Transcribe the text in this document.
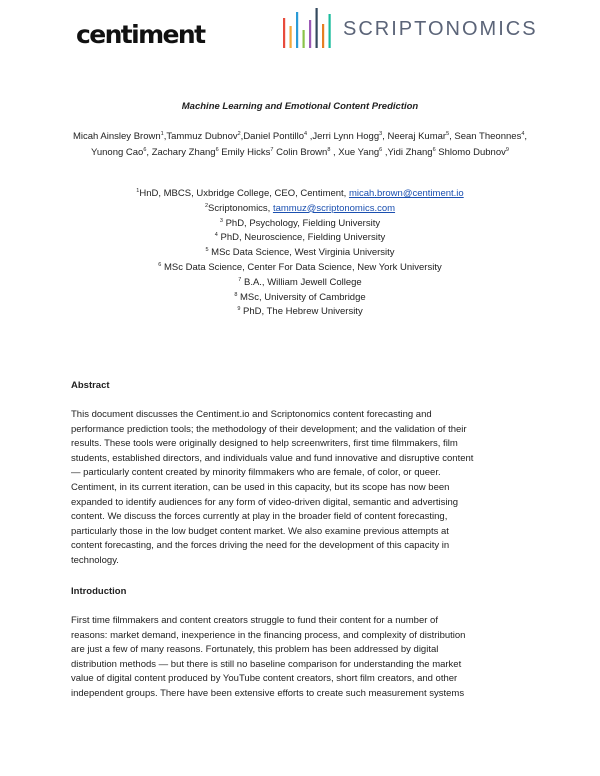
centiment	SCRIPTONOMICS
Machine Learning and Emotional Content Prediction
Micah Ainsley Brown$^1$,Tammuz Dubnov$^2$,Daniel Pontillo$^4$ ,Jerri Lynn Hogg$^3$, Neeraj Kumar$^5$, Sean Theonnes$^4$, Yunong Cao$^6$, Zachary Zhang$^6$ Emily Hicks$^7$ Colin Brown$^8$ , Xue Yang$^6$ ,Yidi Zhang$^6$ Shlomo Dubnov$^9$
$^1$HnD, MBCS, Uxbridge College, CEO, Centiment, micah.brown@centiment.io
$^2$Scriptonomics, tammuz@scriptonomics.com
$^3$ PhD, Psychology, Fielding University
$^4$ PhD, Neuroscience, Fielding University
$^5$ MSc Data Science, West Virginia University
$^6$ MSc Data Science, Center For Data Science, New York University
$^7$ B.A., William Jewell College
$^8$ MSc, University of Cambridge
$^9$ PhD, The Hebrew University
Abstract
This document discusses the Centiment.io and Scriptonomics content forecasting and
performance prediction tools; the methodology of their development; and the validation of their
results. These tools were originally designed to help screenwriters, first time filmmakers, film
students, established directors, and individuals value and fund innovative and disruptive content
— particularly content created by minority filmmakers who are female, of color, or queer.
Centiment, in its current iteration, can be used in this capacity, but its scope has now been
expanded to identify audiences for any form of video-driven digital, semantic and advertising
content. We discuss the forces currently at play in the broader field of content forecasting,
particularly those in the low budget content market. We also examine previous attempts at
content forecasting, and the forces driving the need for the development of this capacity in
technology.
Introduction
First time filmmakers and content creators struggle to fund their content for a number of
reasons: market demand, inexperience in the financing process, and complexity of distribution
are just a few of many reasons. Fortunately, this problem has been addressed by digital
distribution methods — but there is still no baseline comparison for understanding the market
value of digital content produced by YouTube content creators, short film creators, and other
independent groups. There have been extensive efforts to create such measurement systems
